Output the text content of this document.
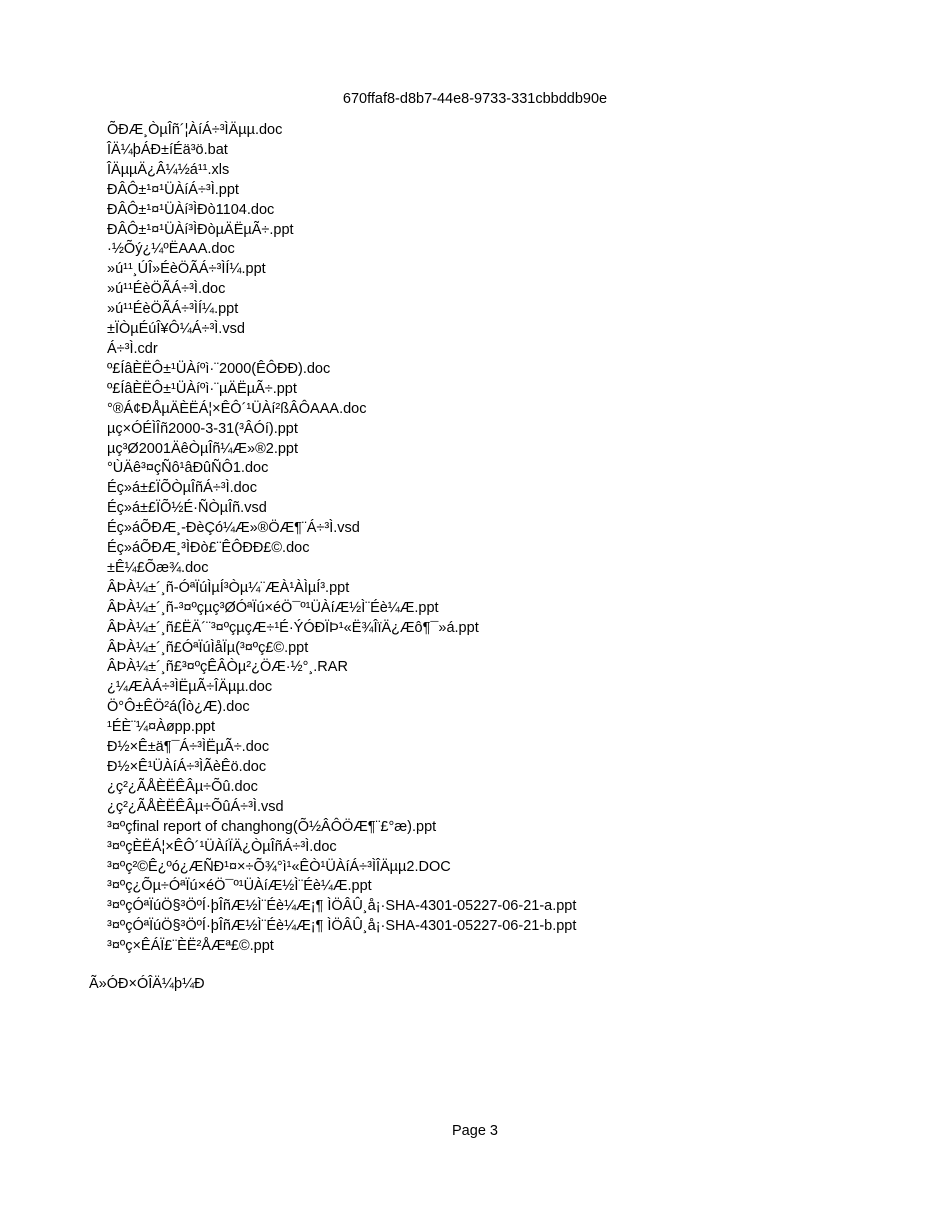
670ffaf8-d8b7-44e8-9733-331cbbddb90e
ÕÐÆ¸ÒµÎñ´¦ÀíÁ÷³ÌÄµµ.doc
ÎÄ¼þÁÐ±íÉä³ö.bat
ÎÄµµÄ¿Â¼½á¹¹.xls
ÐÂÔ±¹¤¹ÜÀíÁ÷³Ì.ppt
ÐÂÔ±¹¤¹ÜÀí³ÌÐò1104.doc
ÐÂÔ±¹¤¹ÜÀí³ÌÐòµÄËµÃ÷.ppt
·½Õý¿¼ºËAAA.doc
»ú¹¹¸ÚÎ»ÉèÖÃÁ÷³ÌÍ¼.ppt
»ú¹¹ÉèÖÃÁ÷³Ì.doc
»ú¹¹ÉèÖÃÁ÷³ÌÍ¼.ppt
±ÏÒµÉúÎ¥Ô¼Á÷³Ì.vsd
Á÷³Ì.cdr
º£ÍâÈËÔ±¹ÜÀíºì·¨2000(ÊÔÐÐ).doc
º£ÍâÈËÔ±¹ÜÀíºì·¨µÄËµÃ÷.ppt
°®Á¢ÐÅµÄÈËÁ¦×ÊÔ´¹ÜÀí²ßÂÔAAA.doc
µç×ÓÉÌÎñ2000-3-31(³ÂÓí).ppt
µç³Ø2001ÄêÒµÎñ¼Æ»®2.ppt
°ÙÄê³¤çÑô¹âÐûÑÔ1.doc
Éç»á±£ÏÕÒµÎñÁ÷³Ì.doc
Éç»á±£ÏÕ½É·ÑÒµÎñ.vsd
Éç»áÕÐÆ¸-ÐèÇó¼Æ»®ÖÆ¶¨Á÷³Ì.vsd
Éç»áÕÐÆ¸³ÌÐò£¨ÊÔÐÐ£©.doc
±Ê¼£Õæ¾.doc
ÂÞÀ¼±´¸ñ-ÓªÏúÌµÍ³Òµ¼¨ÆÀ¹ÀÌµÍ³.ppt
ÂÞÀ¼±´¸ñ-³¤ºçµç³ØÓªÏú×éÖ¯º¹ÜÀíÆ½Ì¨Éè¼Æ.ppt
ÂÞÀ¼±´¸ñ£ËÄ´¨³¤ºçµçÆ÷¹É·ÝÓÐÏÞ¹«Ë¾ÎïÄ¿Æô¶¯»á.ppt
ÂÞÀ¼±´¸ñ£ÓªÏúÌåÏµ(³¤ºç£©.ppt
ÂÞÀ¼±´¸ñ£³¤ºçÊÂÒµ²¿ÖÆ·½°¸.RAR
¿¼ÆÀÁ÷³ÌËµÃ÷ÎÄµµ.doc
Ö°Ô±ÊÖ²á(Îò¿Æ).doc
¹ÉÈ¨¼¤Àøpp.ppt
Ð½×Ê±ä¶¯Á÷³ÌËµÃ÷.doc
Ð½×Ê¹ÜÀíÁ÷³ÌÃèÊö.doc
¿ç²¿ÃÅÈËÊÂµ÷Õû.doc
¿ç²¿ÃÅÈËÊÂµ÷ÕûÁ÷³Ì.vsd
³¤ºçfinal report of changhong(Õ½ÂÔÖÆ¶¨£°æ).ppt
³¤ºçÈËÁ¦×ÊÔ´¹ÜÀíÏÄ¿ÒµÎñÁ÷³Ì.doc
³¤ºç²©Ê¿ºó¿ÆÑÐ¹¤×÷Õ¾°ì¹«ÊÒ¹ÜÀíÁ÷³ÌÎÄµµ2.DOC
³¤ºç¿Õµ÷ÓªÏú×éÖ¯º¹ÜÀíÆ½Ì¨Éè¼Æ.ppt
³¤ºçÓªÏúÖ§³ÖºÍ·þÎñÆ½Ì¨Éè¼Æ¡¶ ÌÖÂÛ¸å¡·SHA-4301-05227-06-21-a.ppt
³¤ºçÓªÏúÖ§³ÖºÍ·þÎñÆ½Ì¨Éè¼Æ¡¶ ÌÖÂÛ¸å¡·SHA-4301-05227-06-21-b.ppt
³¤ºç×ÊÁÏ£¨ÈË²ÅÆª£©.ppt
Ã»ÓÐ×ÓÎÄ¼þ¼Ð
Page 3
